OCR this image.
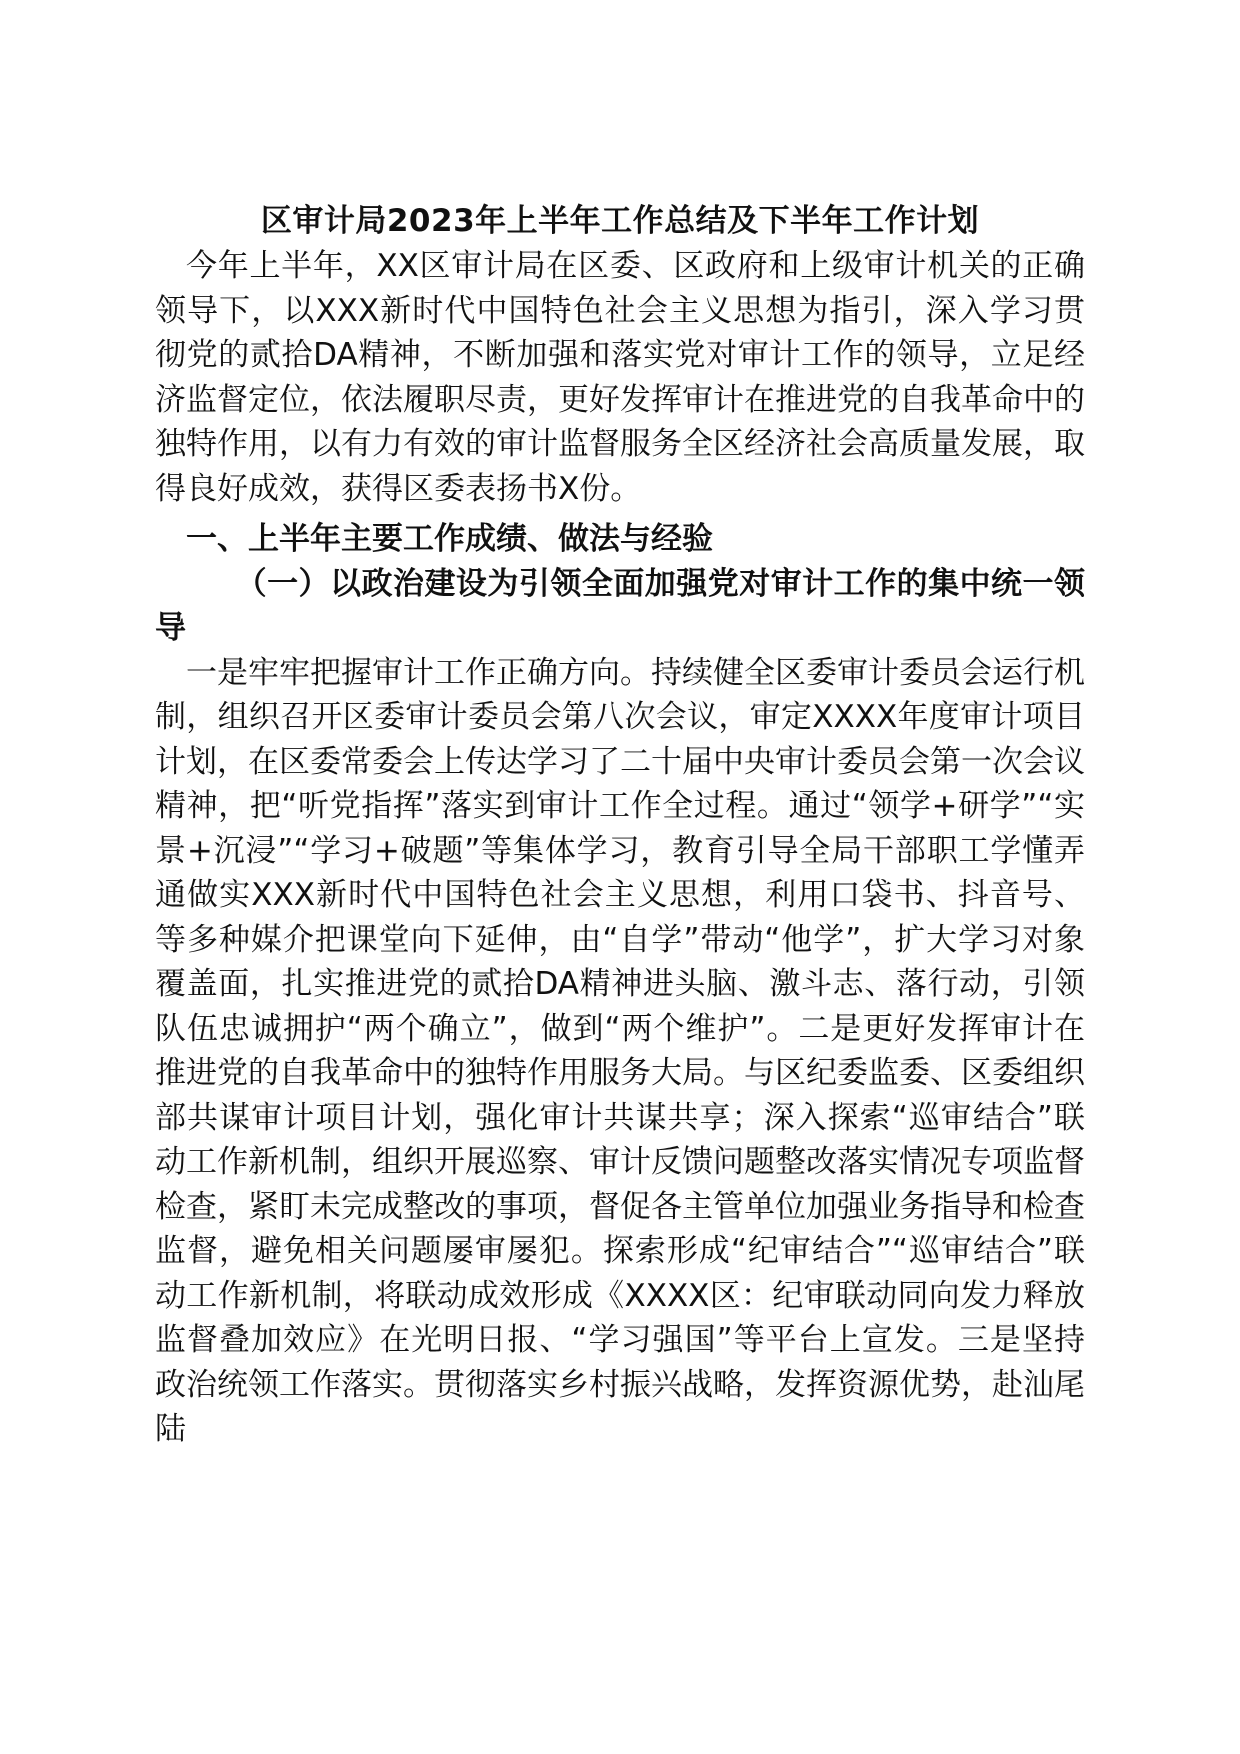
区审计局2023年上半年工作总结及下半年工作计划

今年上半年，XX区审计局在区委、区政府和上级审计机关的正确领导下，以XXX新时代中国特色社会主义思想为指引，深入学习贯彻党的贰拾DA精神，不断加强和落实党对审计工作的领导，立足经济监督定位，依法履职尽责，更好发挥审计在推进党的自我革命中的独特作用，以有力有效的审计监督服务全区经济社会高质量发展，取得良好成效，获得区委表扬书X份。

一、上半年主要工作成绩、做法与经验
（一）以政治建设为引领全面加强党对审计工作的集中统一领导

一是牢牢把握审计工作正确方向。持续健全区委审计委员会运行机制，组织召开区委审计委员会第八次会议，审定XXXX年度审计项目计划，在区委常委会上传达学习了二十届中央审计委员会第一次会议精神，把“听党指挥”落实到审计工作全过程。通过“领学+研学”“实景+沉浸”“学习+破题”等集体学习，教育引导全局干部职工学懂弄通做实XXX新时代中国特色社会主义思想，利用口袋书、抖音号、等多种媒介把课堂向下延伸，由“自学”带动“他学”，扩大学习对象覆盖面，扎实推进党的贰拾DA精神进头脑、激斗志、落行动，引领队伍忠诚拥护“两个确立”，做到“两个维护”。二是更好发挥审计在推进党的自我革命中的独特作用服务大局。与区纪委监委、区委组织部共谋审计项目计划，强化审计共谋共享；深入探索“巡审结合”联动工作新机制，组织开展巡察、审计反馈问题整改落实情况专项监督检查，紧盯未完成整改的事项，督促各主管单位加强业务指导和检查监督，避免相关问题屡审屡犯。探索形成“纪审结合”“巡审结合”联动工作新机制，将联动成效形成《XXXX区：纪审联动同向发力释放监督叠加效应》在光明日报、“学习强国”等平台上宣发。三是坚持政治统领工作落实。贯彻落实乡村振兴战略，发挥资源优势，赴汕尾陆
